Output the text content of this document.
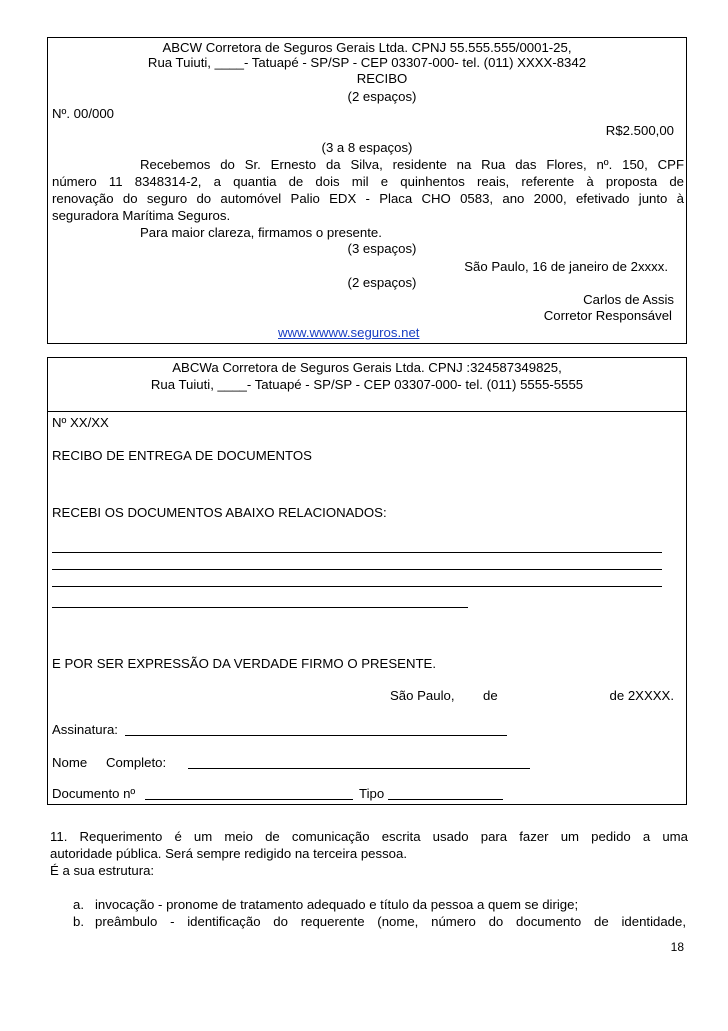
ABCW Corretora de Seguros Gerais Ltda. CPNJ 55.555.555/0001-25,
Rua Tuiuti, ____- Tatuapé - SP/SP - CEP 03307-000- tel. (011) XXXX-8342
RECIBO
(2 espaços)
Nº. 00/000
R$2.500,00
(3 a 8 espaços)
Recebemos do Sr. Ernesto da Silva, residente na Rua das Flores, nº. 150, CPF
número 11 8348314-2, a quantia de dois mil e quinhentos reais, referente à proposta de
renovação do seguro do automóvel Palio EDX - Placa CHO 0583, ano 2000, efetivado junto à
seguradora Marítima Seguros.
Para maior clareza, firmamos o presente.
(3 espaços)
São Paulo, 16 de janeiro de 2xxxx.
(2 espaços)
Carlos de Assis
Corretor Responsável
www.wwww.seguros.net
ABCWa Corretora de Seguros Gerais Ltda. CPNJ :324587349825,
Rua Tuiuti, ____- Tatuapé - SP/SP - CEP 03307-000- tel. (011) 5555-5555
Nº XX/XX
RECIBO DE ENTREGA DE DOCUMENTOS
RECEBI OS DOCUMENTOS ABAIXO RELACIONADOS:
E POR SER EXPRESSÃO DA VERDADE FIRMO O PRESENTE.
São Paulo, de	de 2XXXX.
Assinatura:
Nome Completo:
Documento nº	Tipo
11. Requerimento é um meio de comunicação escrita usado para fazer um pedido a uma
autoridade pública. Será sempre redigido na terceira pessoa.
É a sua estrutura:
a. invocação - pronome de tratamento adequado e título da pessoa a quem se dirige;
b. preâmbulo - identificação do requerente (nome, número do documento de identidade,
18
